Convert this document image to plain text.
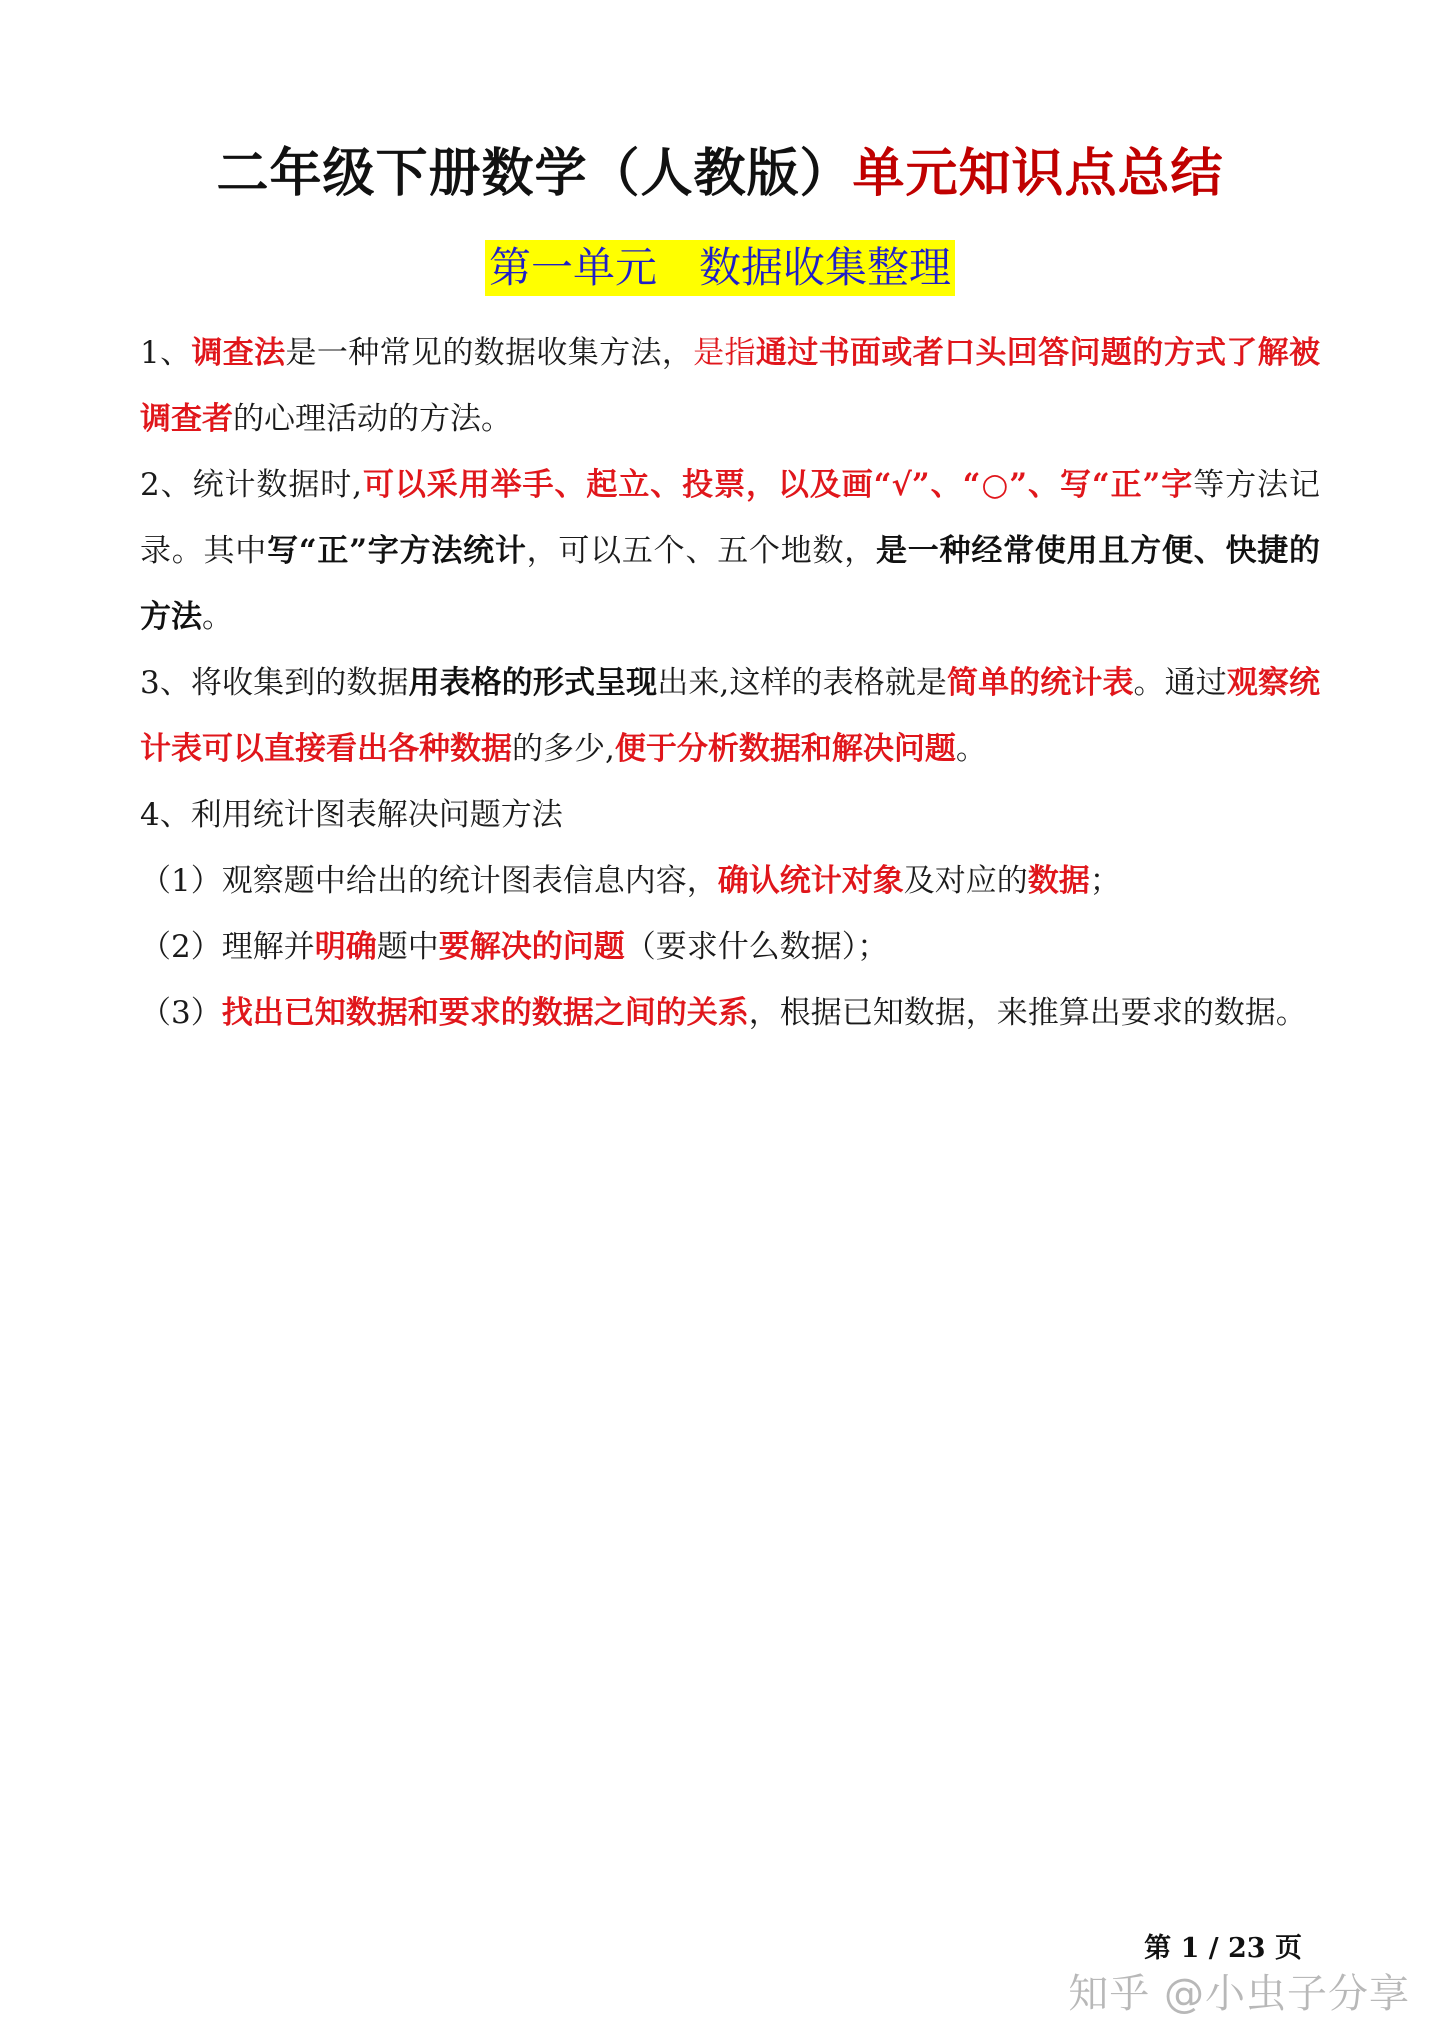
二年级下册数学（人教版）单元知识点总结
第一单元　数据收集整理

1、调查法是一种常见的数据收集方法，是指通过书面或者口头回答问题的方式了解被调查者的心理活动的方法。

2、统计数据时,可以采用举手、起立、投票，以及画“√”、“○”、写“正”字等方法记录。其中写“正”字方法统计，可以五个、五个地数，是一种经常使用且方便、快捷的方法。

3、将收集到的数据用表格的形式呈现出来,这样的表格就是简单的统计表。通过观察统计表可以直接看出各种数据的多少,便于分析数据和解决问题。

4、利用统计图表解决问题方法

（1）观察题中给出的统计图表信息内容，确认统计对象及对应的数据；

（2）理解并明确题中要解决的问题（要求什么数据）；

（3）找出已知数据和要求的数据之间的关系，根据已知数据，来推算出要求的数据。

第 1 / 23 页
知乎 @小虫子分享
